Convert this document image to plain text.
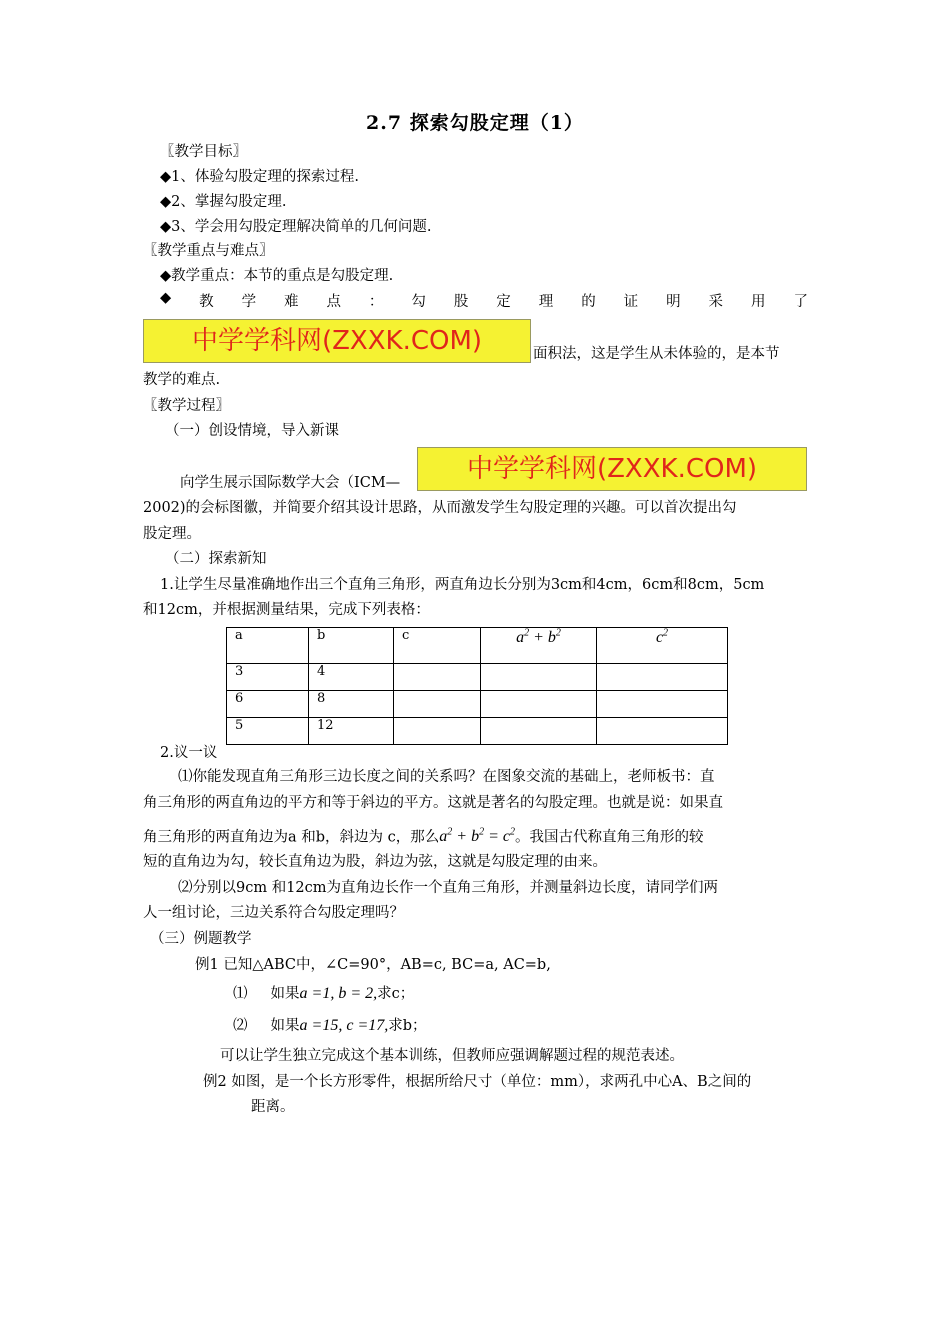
2.7 探索勾股定理（1）
〖教学目标〗
◆1、体验勾股定理的探索过程.
◆2、掌握勾股定理.
◆3、学会用勾股定理解决简单的几何问题.
〖教学重点与难点〗
◆教学重点：本节的重点是勾股定理.
◆ 教 学 难 点 ： 勾 股 定 理 的 证 明 采 用 了
中学学科网(ZXXK.COM)	面积法，这是学生从未体验的，是本节
教学的难点.
〖教学过程〗
（一）创设情境，导入新课
向学生展示国际数学大会（ICM—	中学学科网(ZXXK.COM)
2002)的会标图徽，并简要介绍其设计思路，从而激发学生勾股定理的兴趣。可以首次提出勾
股定理。
（二）探索新知
1.让学生尽量准确地作出三个直角三角形，两直角边长分别为3cm和4cm，6cm和8cm，5cm
和12cm，并根据测量结果，完成下列表格：
a	b	c	$a^2 + b^2$	$c^2$
3	4			
6	8			
5	12			
2.议一议
⑴你能发现直角三角形三边长度之间的关系吗？在图象交流的基础上，老师板书：直
角三角形的两直角边的平方和等于斜边的平方。这就是著名的勾股定理。也就是说：如果直
角三角形的两直角边为a 和b，斜边为 c，那么$a^2 + b^2 = c^2$。我国古代称直角三角形的较
短的直角边为勾，较长直角边为股，斜边为弦，这就是勾股定理的由来。
⑵分别以9cm 和12cm为直角边长作一个直角三角形，并测量斜边长度，请同学们两
人一组讨论，三边关系符合勾股定理吗？
（三）例题教学
例1 已知△ABC中，∠C=90°，AB=c, BC=a, AC=b,
⑴ 如果a =1, b = 2,求c；
⑵ 如果a =15, c =17,求b；
可以让学生独立完成这个基本训练，但教师应强调解题过程的规范表述。
例2 如图，是一个长方形零件，根据所给尺寸（单位：mm），求两孔中心A、B之间的
距离。
